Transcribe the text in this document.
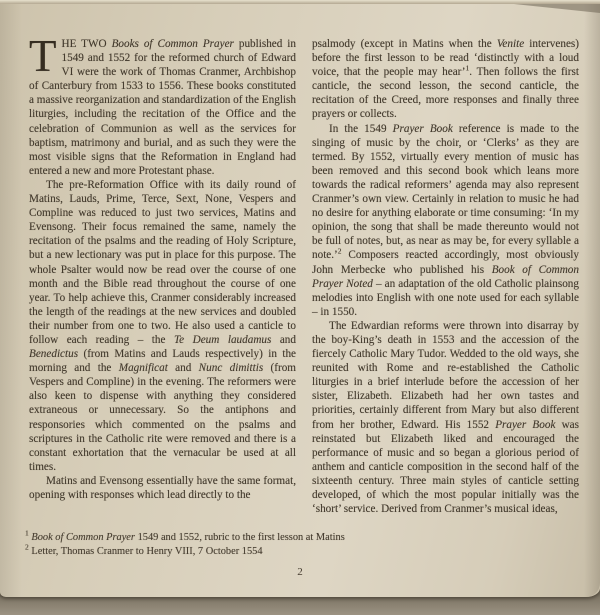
THE TWO Books of Common Prayer published in 1549 and 1552 for the reformed church of Edward VI were the work of Thomas Cranmer, Archbishop of Canterbury from 1533 to 1556. These books constituted a massive reorganization and standardization of the English liturgies, including the recitation of the Office and the celebration of Communion as well as the services for baptism, matrimony and burial, and as such they were the most visible signs that the Reformation in England had entered a new and more Protestant phase.

The pre-Reformation Office with its daily round of Matins, Lauds, Prime, Terce, Sext, None, Vespers and Compline was reduced to just two services, Matins and Evensong. Their focus remained the same, namely the recitation of the psalms and the reading of Holy Scripture, but a new lectionary was put in place for this purpose. The whole Psalter would now be read over the course of one month and the Bible read throughout the course of one year. To help achieve this, Cranmer considerably increased the length of the readings at the new services and doubled their number from one to two. He also used a canticle to follow each reading – the Te Deum laudamus and Benedictus (from Matins and Lauds respectively) in the morning and the Magnificat and Nunc dimittis (from Vespers and Compline) in the evening. The reformers were also keen to dispense with anything they considered extraneous or unnecessary. So the antiphons and responsories which commented on the psalms and scriptures in the Catholic rite were removed and there is a constant exhortation that the vernacular be used at all times.

Matins and Evensong essentially have the same format, opening with responses which lead directly to the

psalmody (except in Matins when the Venite intervenes) before the first lesson to be read ‘distinctly with a loud voice, that the people may hear’$^1$. Then follows the first canticle, the second lesson, the second canticle, the recitation of the Creed, more responses and finally three prayers or collects.

In the 1549 Prayer Book reference is made to the singing of music by the choir, or ‘Clerks’ as they are termed. By 1552, virtually every mention of music has been removed and this second book which leans more towards the radical reformers’ agenda may also represent Cranmer’s own view. Certainly in relation to music he had no desire for anything elaborate or time consuming: ‘In my opinion, the song that shall be made thereunto would not be full of notes, but, as near as may be, for every syllable a note.’$^2$ Composers reacted accordingly, most obviously John Merbecke who published his Book of Common Prayer Noted – an adaptation of the old Catholic plainsong melodies into English with one note used for each syllable – in 1550.

The Edwardian reforms were thrown into disarray by the boy-King’s death in 1553 and the accession of the fiercely Catholic Mary Tudor. Wedded to the old ways, she reunited with Rome and re-established the Catholic liturgies in a brief interlude before the accession of her sister, Elizabeth. Elizabeth had her own tastes and priorities, certainly different from Mary but also different from her brother, Edward. His 1552 Prayer Book was reinstated but Elizabeth liked and encouraged the performance of music and so began a glorious period of anthem and canticle composition in the second half of the sixteenth century. Three main styles of canticle setting developed, of which the most popular initially was the ‘short’ service. Derived from Cranmer’s musical ideas,

$^1$ Book of Common Prayer 1549 and 1552, rubric to the first lesson at Matins
$^2$ Letter, Thomas Cranmer to Henry VIII, 7 October 1554
2
